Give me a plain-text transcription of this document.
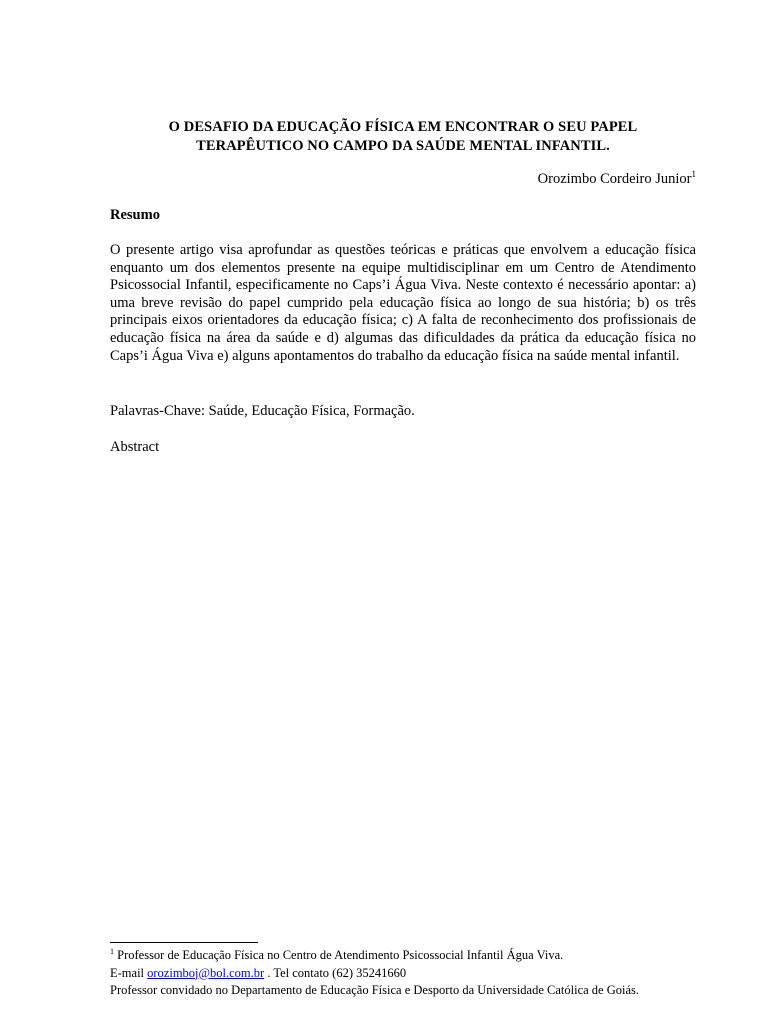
O DESAFIO DA EDUCAÇÃO FÍSICA EM ENCONTRAR O SEU PAPEL
TERAPÊUTICO NO CAMPO DA SAÚDE MENTAL INFANTIL.
Orozimbo Cordeiro Junior$^1$
Resumo
O presente artigo visa aprofundar as questões teóricas e práticas que envolvem a educação física enquanto um dos elementos presente na equipe multidisciplinar em um Centro de Atendimento Psicossocial Infantil, especificamente no Caps’i Água Viva. Neste contexto é necessário apontar: a) uma breve revisão do papel cumprido pela educação física ao longo de sua história; b) os três principais eixos orientadores da educação física; c) A falta de reconhecimento dos profissionais de educação física na área da saúde e d) algumas das dificuldades da prática da educação física no Caps’i Água Viva e) alguns apontamentos do trabalho da educação física na saúde mental infantil.
Palavras-Chave: Saúde, Educação Física, Formação.
Abstract
$^1$ Professor de Educação Física no Centro de Atendimento Psicossocial Infantil Água Viva.
E-mail orozimboj@bol.com.br . Tel contato (62) 35241660
Professor convidado no Departamento de Educação Física e Desporto da Universidade Católica de Goiás.
